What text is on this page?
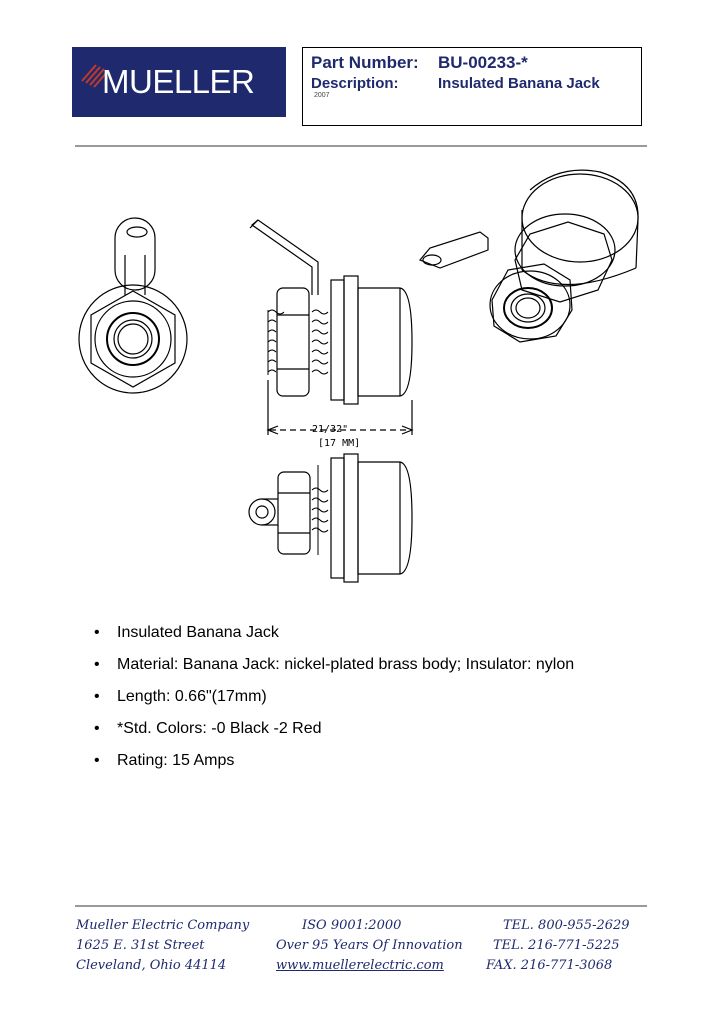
MUELLER
Part Number: BU-00233-*
Description:	Insulated Banana Jack
2007
21/32"
[17 MM]
• Insulated Banana Jack
• Material: Banana Jack: nickel-plated brass body; Insulator: nylon
• Length: 0.66"(17mm)
• *Std. Colors: -0 Black -2 Red
• Rating: 15 Amps
Mueller Electric Company
1625 E. 31st Street
Cleveland, Ohio 44114
ISO 9001:2000
Over 95 Years Of Innovation
www.muellerelectric.com
TEL. 800-955-2629
TEL. 216-771-5225
FAX. 216-771-3068
